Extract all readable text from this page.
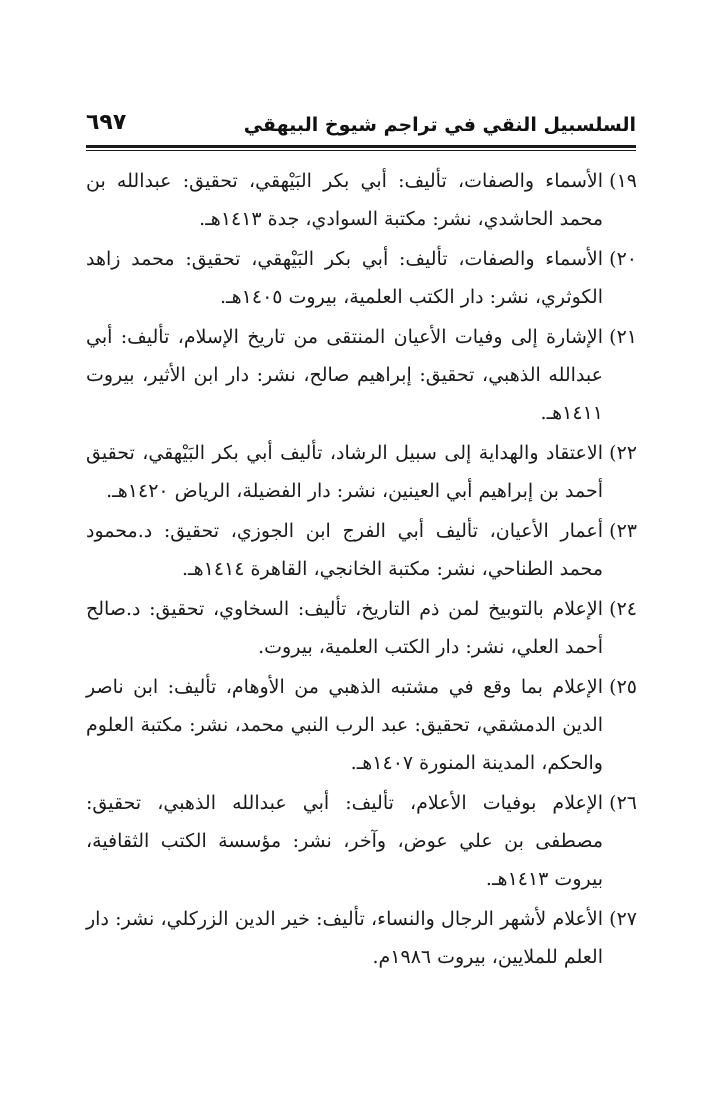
السلسبيل النقي في تراجم شيوخ البيهقي
٦٩٧
١٩)
الأسماء والصفات، تأليف: أبي بكر البَيْهقي، تحقيق: عبدالله بن محمد الحاشدي، نشر: مكتبة السوادي، جدة ١٤١٣هـ.
٢٠)
الأسماء والصفات، تأليف: أبي بكر البَيْهقي، تحقيق: محمد زاهد الكوثري، نشر: دار الكتب العلمية، بيروت ١٤٠٥هـ.
٢١)
الإشارة إلى وفيات الأعيان المنتقى من تاريخ الإسلام، تأليف: أبي عبدالله الذهبي، تحقيق: إبراهيم صالح، نشر: دار ابن الأثير، بيروت ١٤١١هـ.
٢٢)
الاعتقاد والهداية إلى سبيل الرشاد، تأليف أبي بكر البَيْهقي، تحقيق أحمد بن إبراهيم أبي العينين، نشر: دار الفضيلة، الرياض ١٤٢٠هـ.
٢٣)
أعمار الأعيان، تأليف أبي الفرج ابن الجوزي، تحقيق: د.محمود محمد الطناحي، نشر: مكتبة الخانجي، القاهرة ١٤١٤هـ.
٢٤)
الإعلام بالتوبيخ لمن ذم التاريخ، تأليف: السخاوي، تحقيق: د.صالح أحمد العلي، نشر: دار الكتب العلمية، بيروت.
٢٥)
الإعلام بما وقع في مشتبه الذهبي من الأوهام، تأليف: ابن ناصر الدين الدمشقي، تحقيق: عبد الرب النبي محمد، نشر: مكتبة العلوم والحكم، المدينة المنورة ١٤٠٧هـ.
٢٦)
الإعلام بوفيات الأعلام، تأليف: أبي عبدالله الذهبي، تحقيق: مصطفى بن علي عوض، وآخر، نشر: مؤسسة الكتب الثقافية، بيروت ١٤١٣هـ.
٢٧)
الأعلام لأشهر الرجال والنساء، تأليف: خير الدين الزركلي، نشر: دار العلم للملايين، بيروت ١٩٨٦م.
